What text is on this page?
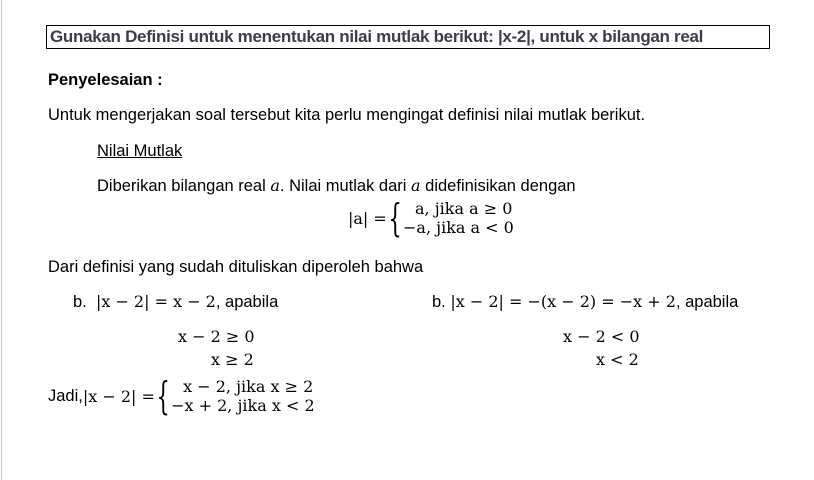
Gunakan Definisi untuk menentukan nilai mutlak berikut: |x-2|, untuk x bilangan real
Penyelesaian :
Untuk mengerjakan soal tersebut kita perlu mengingat definisi nilai mutlak berikut.
Nilai Mutlak
Diberikan bilangan real a. Nilai mutlak dari a didefinisikan dengan
|a| = { a, jika a ≥ 0
−a, jika a < 0
Dari definisi yang sudah dituliskan diperoleh bahwa
b. |x − 2| = x − 2, apabila
x − 2 ≥ 0
x ≥ 2
b. |x − 2| = −(x − 2) = −x + 2, apabila
x − 2 < 0
x < 2
Jadi, |x − 2| = { x − 2, jika x ≥ 2
−x + 2, jika x < 2
